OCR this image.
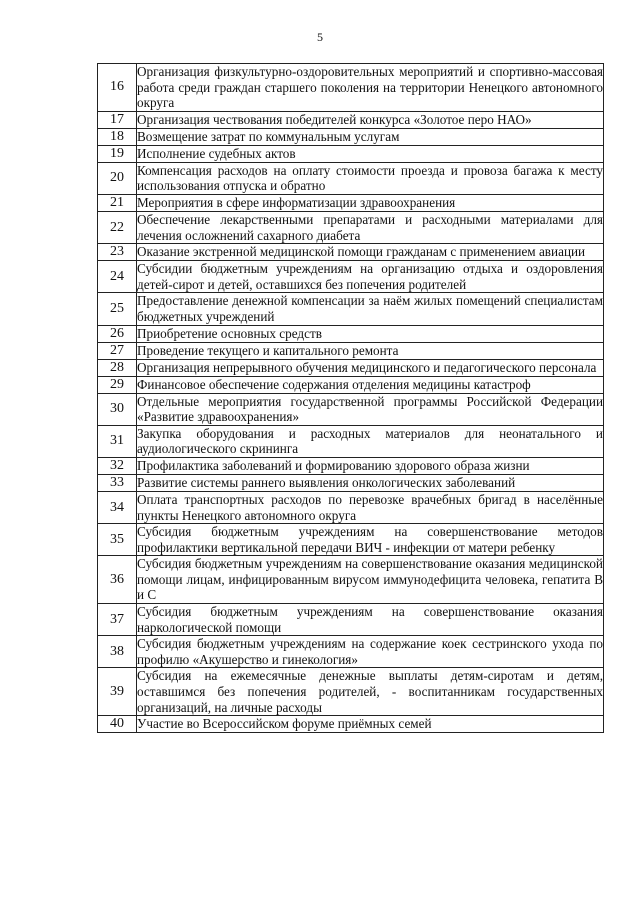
5
16	Организация физкультурно-оздоровительных мероприятий и спортивно-массовая работа среди граждан старшего поколения на территории Ненецкого автономного округа
17	Организация чествования победителей конкурса «Золотое перо НАО»
18	Возмещение затрат по коммунальным услугам
19	Исполнение судебных актов
20	Компенсация расходов на оплату стоимости проезда и провоза багажа к месту использования отпуска и обратно
21	Мероприятия в сфере информатизации здравоохранения
22	Обеспечение лекарственными препаратами и расходными материалами для лечения осложнений сахарного диабета
23	Оказание экстренной медицинской помощи гражданам с применением авиации
24	Субсидии бюджетным учреждениям на организацию отдыха и оздоровления детей-сирот и детей, оставшихся без попечения родителей
25	Предоставление денежной компенсации за наём жилых помещений специалистам бюджетных учреждений
26	Приобретение основных средств
27	Проведение текущего и капитального ремонта
28	Организация непрерывного обучения медицинского и педагогического персонала
29	Финансовое обеспечение содержания отделения медицины катастроф
30	Отдельные мероприятия государственной программы Российской Федерации «Развитие здравоохранения»
31	Закупка оборудования и расходных материалов для неонатального и аудиологического скрининга
32	Профилактика заболеваний и формированию здорового образа жизни
33	Развитие системы раннего выявления онкологических заболеваний
34	Оплата транспортных расходов по перевозке врачебных бригад в населённые пункты Ненецкого автономного округа
35	Субсидия бюджетным учреждениям на совершенствование методов профилактики вертикальной передачи ВИЧ - инфекции от матери ребенку
36	Субсидия бюджетным учреждениям на совершенствование оказания медицинской помощи лицам, инфицированным вирусом иммунодефицита человека, гепатита В и С
37	Субсидия бюджетным учреждениям на совершенствование оказания наркологической помощи
38	Субсидия бюджетным учреждениям на содержание коек сестринского ухода по профилю «Акушерство и гинекология»
39	Субсидия на ежемесячные денежные выплаты детям-сиротам и детям, оставшимся без попечения родителей, - воспитанникам государственных организаций, на личные расходы
40	Участие во Всероссийском форуме приёмных семей
